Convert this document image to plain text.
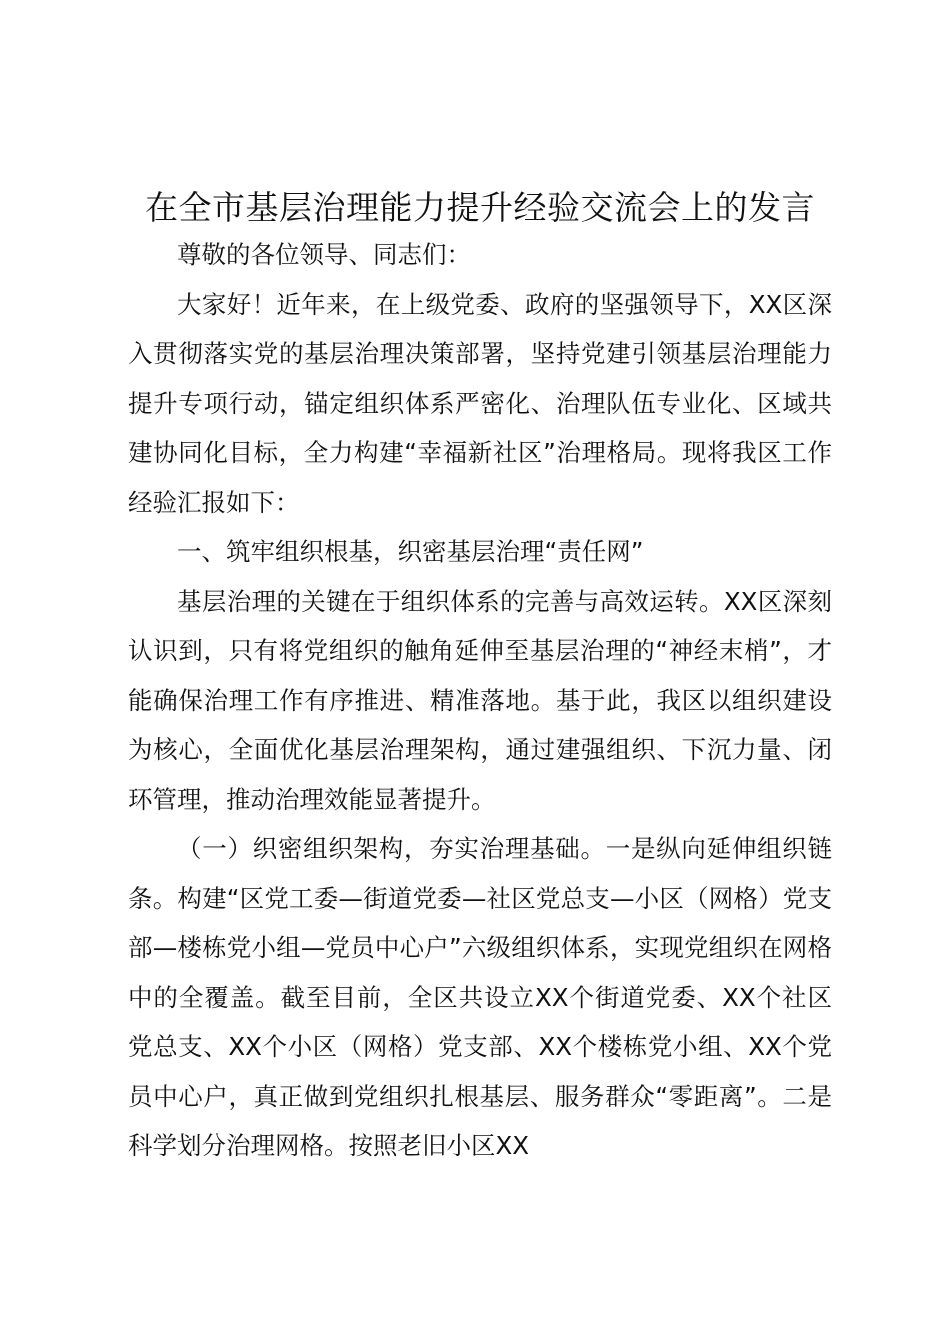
在全市基层治理能力提升经验交流会上的发言

尊敬的各位领导、同志们：

大家好！近年来，在上级党委、政府的坚强领导下，XX区深入贯彻落实党的基层治理决策部署，坚持党建引领基层治理能力提升专项行动，锚定组织体系严密化、治理队伍专业化、区域共建协同化目标，全力构建“幸福新社区”治理格局。现将我区工作经验汇报如下：

一、筑牢组织根基，织密基层治理“责任网”

基层治理的关键在于组织体系的完善与高效运转。XX区深刻认识到，只有将党组织的触角延伸至基层治理的“神经末梢”，才能确保治理工作有序推进、精准落地。基于此，我区以组织建设为核心，全面优化基层治理架构，通过建强组织、下沉力量、闭环管理，推动治理效能显著提升。

（一）织密组织架构，夯实治理基础。一是纵向延伸组织链条。构建“区党工委—街道党委—社区党总支—小区（网格）党支部—楼栋党小组—党员中心户”六级组织体系，实现党组织在网格中的全覆盖。截至目前，全区共设立XX个街道党委、XX个社区党总支、XX个小区（网格）党支部、XX个楼栋党小组、XX个党员中心户，真正做到党组织扎根基层、服务群众“零距离”。二是科学划分治理网格。按照老旧小区XX
